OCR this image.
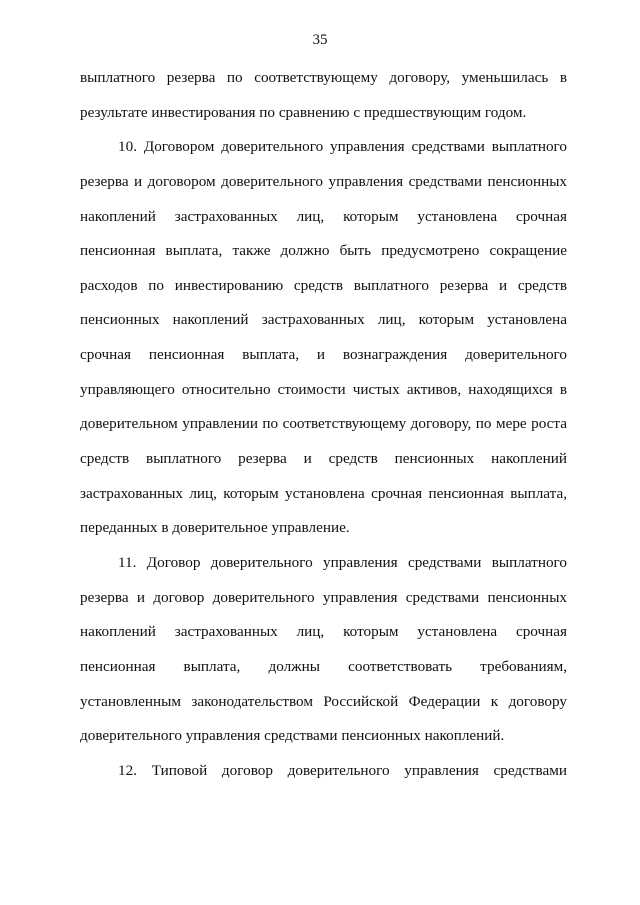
35
выплатного резерва по соответствующему договору, уменьшилась в
результате инвестирования по сравнению с предшествующим годом.
10. Договором доверительного управления средствами выплатного
резерва и договором доверительного управления средствами пенсионных
накоплений застрахованных лиц, которым установлена срочная
пенсионная выплата, также должно быть предусмотрено сокращение
расходов по инвестированию средств выплатного резерва и средств
пенсионных накоплений застрахованных лиц, которым установлена
срочная пенсионная выплата, и вознаграждения доверительного
управляющего относительно стоимости чистых активов, находящихся в
доверительном управлении по соответствующему договору, по мере роста
средств выплатного резерва и средств пенсионных накоплений
застрахованных лиц, которым установлена срочная пенсионная выплата,
переданных в доверительное управление.
11. Договор доверительного управления средствами выплатного
резерва и договор доверительного управления средствами пенсионных
накоплений застрахованных лиц, которым установлена срочная
пенсионная выплата, должны соответствовать требованиям,
установленным законодательством Российской Федерации к договору
доверительного управления средствами пенсионных накоплений.
12. Типовой договор доверительного управления средствами
